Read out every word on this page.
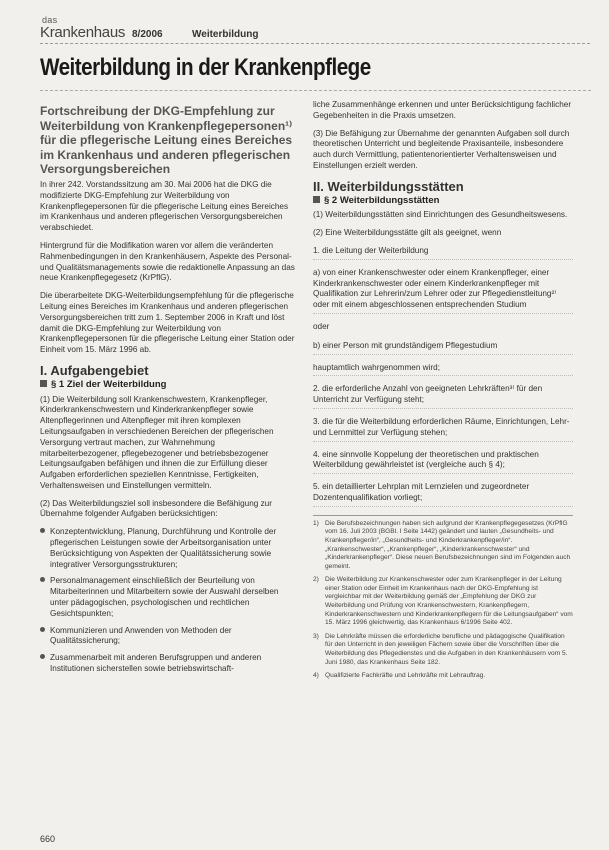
das
Krankenhaus 8/2006	Weiterbildung
Weiterbildung in der Krankenpflege
Fortschreibung der DKG-Empfehlung zur Weiterbildung von Krankenpflegepersonen¹⁾ für die pflegerische Leitung eines Bereiches im Krankenhaus und anderen pflegerischen Versorgungsbereichen

In ihrer 242. Vorstandssitzung am 30. Mai 2006 hat die DKG die modifizierte DKG-Empfehlung zur Weiterbildung von Krankenpflegepersonen für die pflegerische Leitung eines Bereiches im Krankenhaus und anderen pflegerischen Versorgungsbereichen verabschiedet.

Hintergrund für die Modifikation waren vor allem die veränderten Rahmenbedingungen in den Krankenhäusern, Aspekte des Personal- und Qualitätsmanagements sowie die redaktionelle Anpassung an das neue Krankenpflegegesetz (KrPflG).

Die überarbeitete DKG-Weiterbildungsempfehlung für die pflegerische Leitung eines Bereiches im Krankenhaus und anderen pflegerischen Versorgungsbereichen tritt zum 1. September 2006 in Kraft und löst damit die DKG-Empfehlung zur Weiterbildung von Krankenpflegepersonen für die pflegerische Leitung einer Station oder Einheit vom 15. März 1996 ab.

I. Aufgabengebiet
§ 1 Ziel der Weiterbildung

(1) Die Weiterbildung soll Krankenschwestern, Krankenpfleger, Kinderkrankenschwestern und Kinderkrankenpfleger sowie Altenpflegerinnen und Altenpfleger mit ihren komplexen Leitungsaufgaben in verschiedenen Bereichen der pflegerischen Versorgung vertraut machen, zur Wahrnehmung mitarbeiterbezogener, pflegebezogener und betriebsbezogener Leitungsaufgaben befähigen und ihnen die zur Erfüllung dieser Aufgaben erforderlichen speziellen Kenntnisse, Fertigkeiten, Verhaltensweisen und Einstellungen vermitteln.

(2) Das Weiterbildungsziel soll insbesondere die Befähigung zur Übernahme folgender Aufgaben berücksichtigen:

Konzeptentwicklung, Planung, Durchführung und Kontrolle der pflegerischen Leistungen sowie der Arbeitsorganisation unter Berücksichtigung von Aspekten der Qualitätssicherung sowie integrativer Versorgungsstrukturen;
Personalmanagement einschließlich der Beurteilung von Mitarbeiterinnen und Mitarbeitern sowie der Auswahl derselben unter pädagogischen, psychologischen und rechtlichen Gesichtspunkten;
Kommunizieren und Anwenden von Methoden der Qualitätssicherung;
Zusammenarbeit mit anderen Berufsgruppen und anderen Institutionen sicherstellen sowie betriebswirtschaft-

liche Zusammenhänge erkennen und unter Berücksichtigung fachlicher Gegebenheiten in die Praxis umsetzen.

(3) Die Befähigung zur Übernahme der genannten Aufgaben soll durch theoretischen Unterricht und begleitende Praxisanteile, insbesondere auch durch Vermittlung, patientenorientierter Verhaltensweisen und Einstellungen erzielt werden.

II. Weiterbildungsstätten
§ 2 Weiterbildungsstätten

(1) Weiterbildungsstätten sind Einrichtungen des Gesundheitswesens.

(2) Eine Weiterbildungsstätte gilt als geeignet, wenn

1. die Leitung der Weiterbildung
a) von einer Krankenschwester oder einem Krankenpfleger, einer Kinderkrankenschwester oder einem Kinderkrankenpfleger mit Qualifikation zur Lehrerin/zum Lehrer oder zur Pflegedienstleitung²⁾ oder mit einem abgeschlossenen entsprechenden Studium
oder
b) einer Person mit grundständigem Pflegestudium
hauptamtlich wahrgenommen wird;
2. die erforderliche Anzahl von geeigneten Lehrkräften³⁾ für den Unterricht zur Verfügung steht;
3. die für die Weiterbildung erforderlichen Räume, Einrichtungen, Lehr- und Lernmittel zur Verfügung stehen;
4. eine sinnvolle Koppelung der theoretischen und praktischen Weiterbildung gewährleistet ist (vergleiche auch § 4);
5. ein detaillierter Lehrplan mit Lernzielen und zugeordneter Dozentenqualifikation vorliegt;
1) Die Berufsbezeichnungen haben sich aufgrund der Krankenpflegegesetzes (KrPflG vom 16. Juli 2003 (BGBl. I Seite 1442) geändert und lauten „Gesundheits- und Krankenpfleger/in“, „Gesundheits- und Kinderkrankenpfleger/in“. „Krankenschwester“, „Krankenpfleger“, „Kinderkrankenschwester“ und „Kinderkrankenpfleger“. Diese neuen Berufsbezeichnungen sind im Folgenden auch gemeint.
2) Die Weiterbildung zur Krankenschwester oder zum Krankenpfleger in der Leitung einer Station oder Einheit im Krankenhaus nach der DKG-Empfehlung ist vergleichbar mit der Weiterbildung gemäß der „Empfehlung der DKG zur Weiterbildung und Prüfung von Krankenschwestern, Krankenpflegern, Kinderkrankenschwestern und Kinderkrankenpflegern für die Leitungsaufgaben“ vom 15. März 1996 gleichwertig, das Krankenhaus 6/1996 Seite 402.
3) Die Lehrkräfte müssen die erforderliche berufliche und pädagogische Qualifikation für den Unterricht in den jeweiligen Fächern sowie über die Vorschriften über die Weiterbildung des Pflegedienstes und die Aufgaben in den Krankenhäusern vom 5. Juni 1980, das Krankenhaus Seite 182.
4) Qualifizierte Fachkräfte und Lehrkräfte mit Lehrauftrag.
660
